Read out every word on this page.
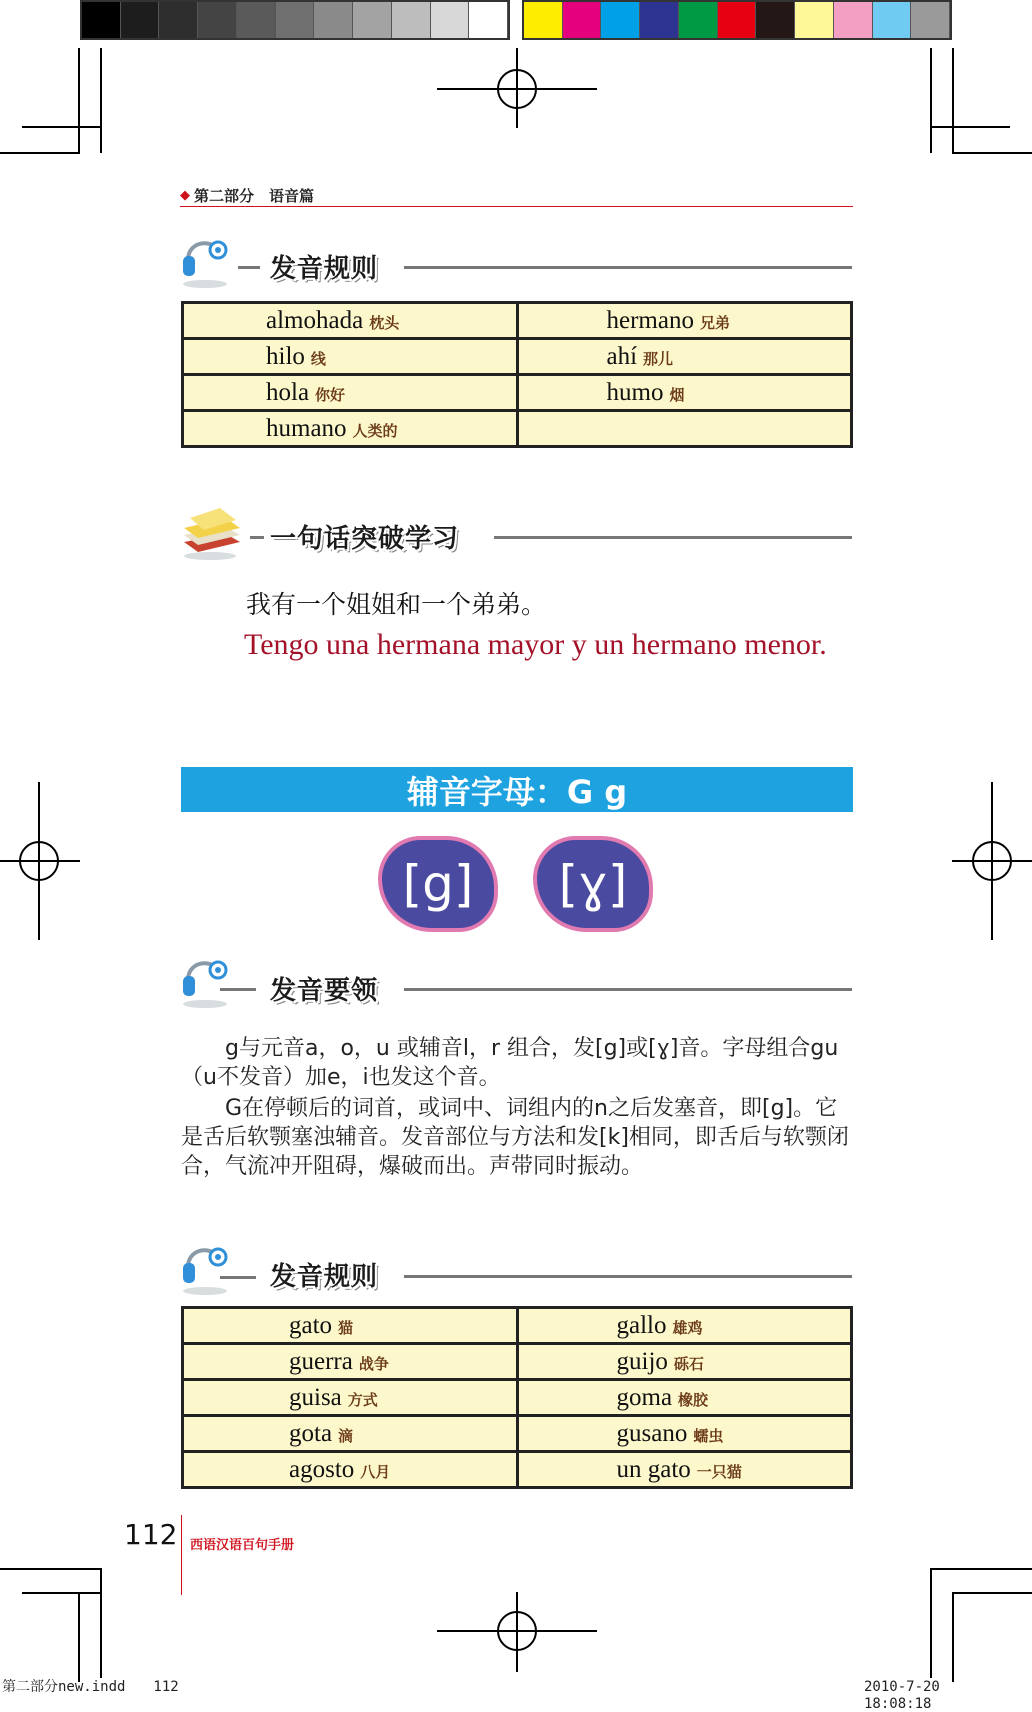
◆ 第二部分　语音篇
发音规则
almohada 枕头	hermano 兄弟
hilo 线	ahí 那儿
hola 你好	humo 烟
humano 人类的	
一句话突破学习
我有一个姐姐和一个弟弟。
Tengo una hermana mayor y un hermano menor.
辅音字母：G g
[g] [ɣ]
发音要领
g与元音a，o，u 或辅音l，r 组合，发[g]或[ɣ]音。字母组合gu（u不发音）加e，i也发这个音。
G在停顿后的词首，或词中、词组内的n之后发塞音，即[g]。它是舌后软颚塞浊辅音。发音部位与方法和发[k]相同，即舌后与软颚闭合，气流冲开阻碍，爆破而出。声带同时振动。
发音规则
gato 猫	gallo 雄鸡
guerra 战争	guijo 砾石
guisa 方式	goma 橡胶
gota 滴	gusano 蠕虫
agosto 八月	un gato 一只猫
112 西语汉语百句手册
第二部分new.indd　　112	2010-7-20　　18:08:18
